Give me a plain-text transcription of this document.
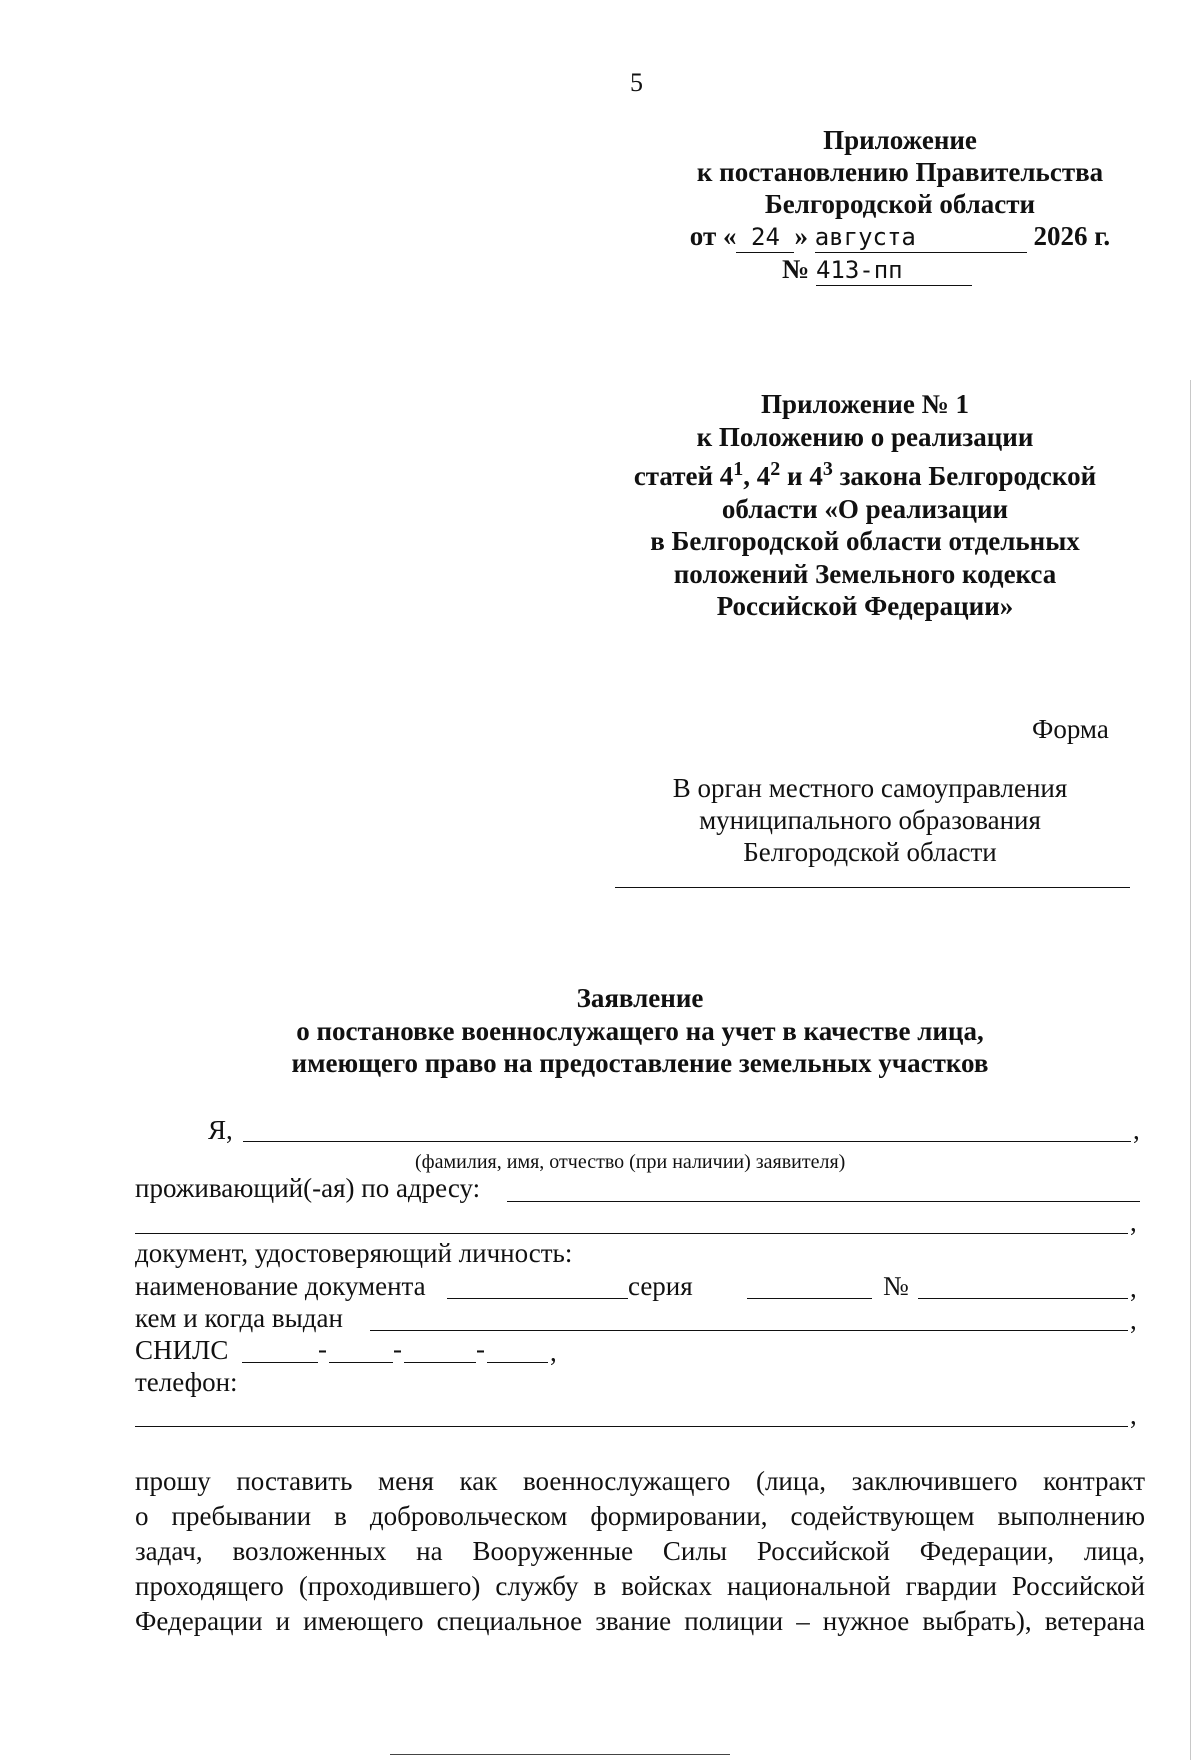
5
Приложение
к постановлению Правительства
Белгородской области
от « 24 » августа	2026 г.
№ 413-пп
Приложение № 1
к Положению о реализации
статей $4^1$, $4^2$ и $4^3$ закона Белгородской
области «О реализации
в Белгородской области отдельных
положений Земельного кодекса
Российской Федерации»
Форма
В орган местного самоуправления
муниципального образования
Белгородской области
Заявление
о постановке военнослужащего на учет в качестве лица,
имеющего право на предоставление земельных участков
Я,	,
(фамилия, имя, отчество (при наличии) заявителя)
проживающий(-ая) по адресу:
,
документ, удостоверяющий личность:
наименование документа	серия	№	,
кем и когда выдан	,
СНИЛС	- -	- ,
телефон:
,
прошу поставить меня как военнослужащего (лица, заключившего контракт
о пребывании в добровольческом формировании, содействующем выполнению
задач, возложенных на Вооруженные Силы Российской Федерации, лица,
проходящего (проходившего) службу в войсках национальной гвардии Российской
Федерации и имеющего специальное звание полиции – нужное выбрать), ветерана
